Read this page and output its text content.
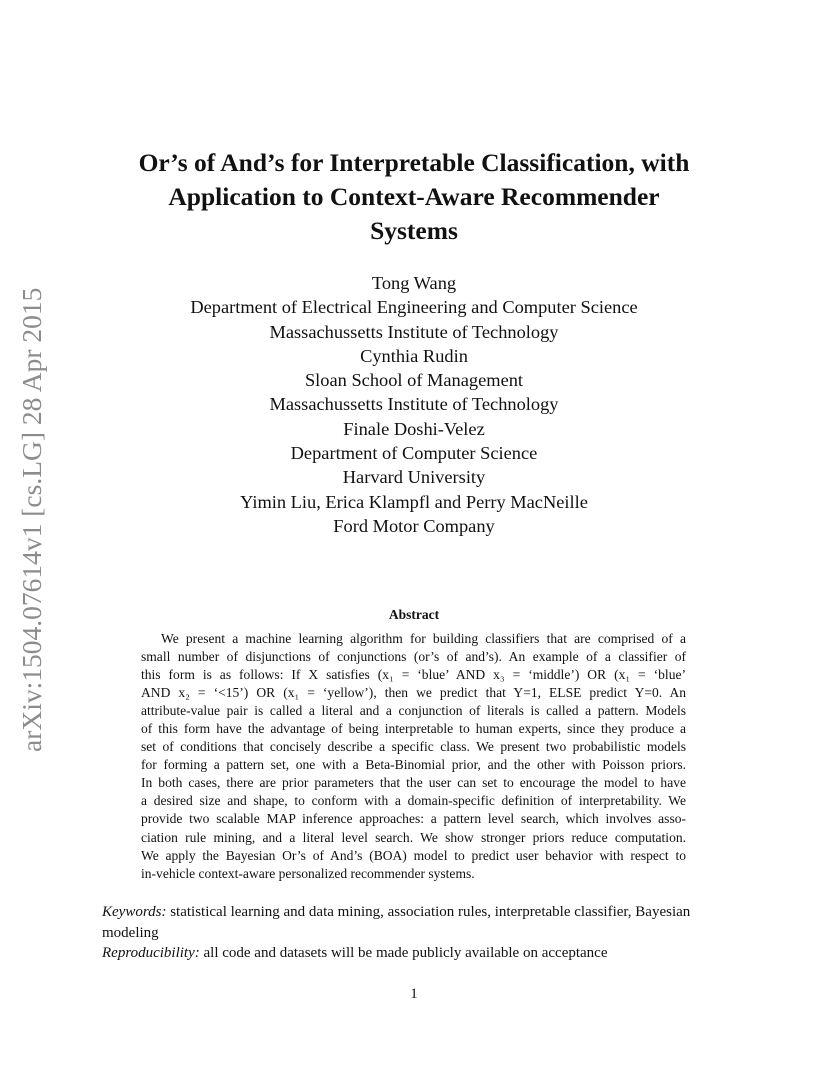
arXiv:1504.07614v1 [cs.LG] 28 Apr 2015
Or’s of And’s for Interpretable Classification, with
Application to Context-Aware Recommender
Systems
Tong Wang
Department of Electrical Engineering and Computer Science
Massachussetts Institute of Technology
Cynthia Rudin
Sloan School of Management
Massachussetts Institute of Technology
Finale Doshi-Velez
Department of Computer Science
Harvard University
Yimin Liu, Erica Klampfl and Perry MacNeille
Ford Motor Company
Abstract
We present a machine learning algorithm for building classifiers that are comprised of a
small number of disjunctions of conjunctions (or’s of and’s). An example of a classifier of
this form is as follows: If X satisfies (x₁ = ‘blue’ AND x₃ = ‘middle’) OR (x₁ = ‘blue’
AND x₂ = ‘<15’) OR (x₁ = ‘yellow’), then we predict that Y=1, ELSE predict Y=0. An
attribute-value pair is called a literal and a conjunction of literals is called a pattern. Models
of this form have the advantage of being interpretable to human experts, since they produce a
set of conditions that concisely describe a specific class. We present two probabilistic models
for forming a pattern set, one with a Beta-Binomial prior, and the other with Poisson priors.
In both cases, there are prior parameters that the user can set to encourage the model to have
a desired size and shape, to conform with a domain-specific definition of interpretability. We
provide two scalable MAP inference approaches: a pattern level search, which involves asso-
ciation rule mining, and a literal level search. We show stronger priors reduce computation.
We apply the Bayesian Or’s of And’s (BOA) model to predict user behavior with respect to
in-vehicle context-aware personalized recommender systems.
Keywords: statistical learning and data mining, association rules, interpretable classifier, Bayesian
modeling
Reproducibility: all code and datasets will be made publicly available on acceptance
1
